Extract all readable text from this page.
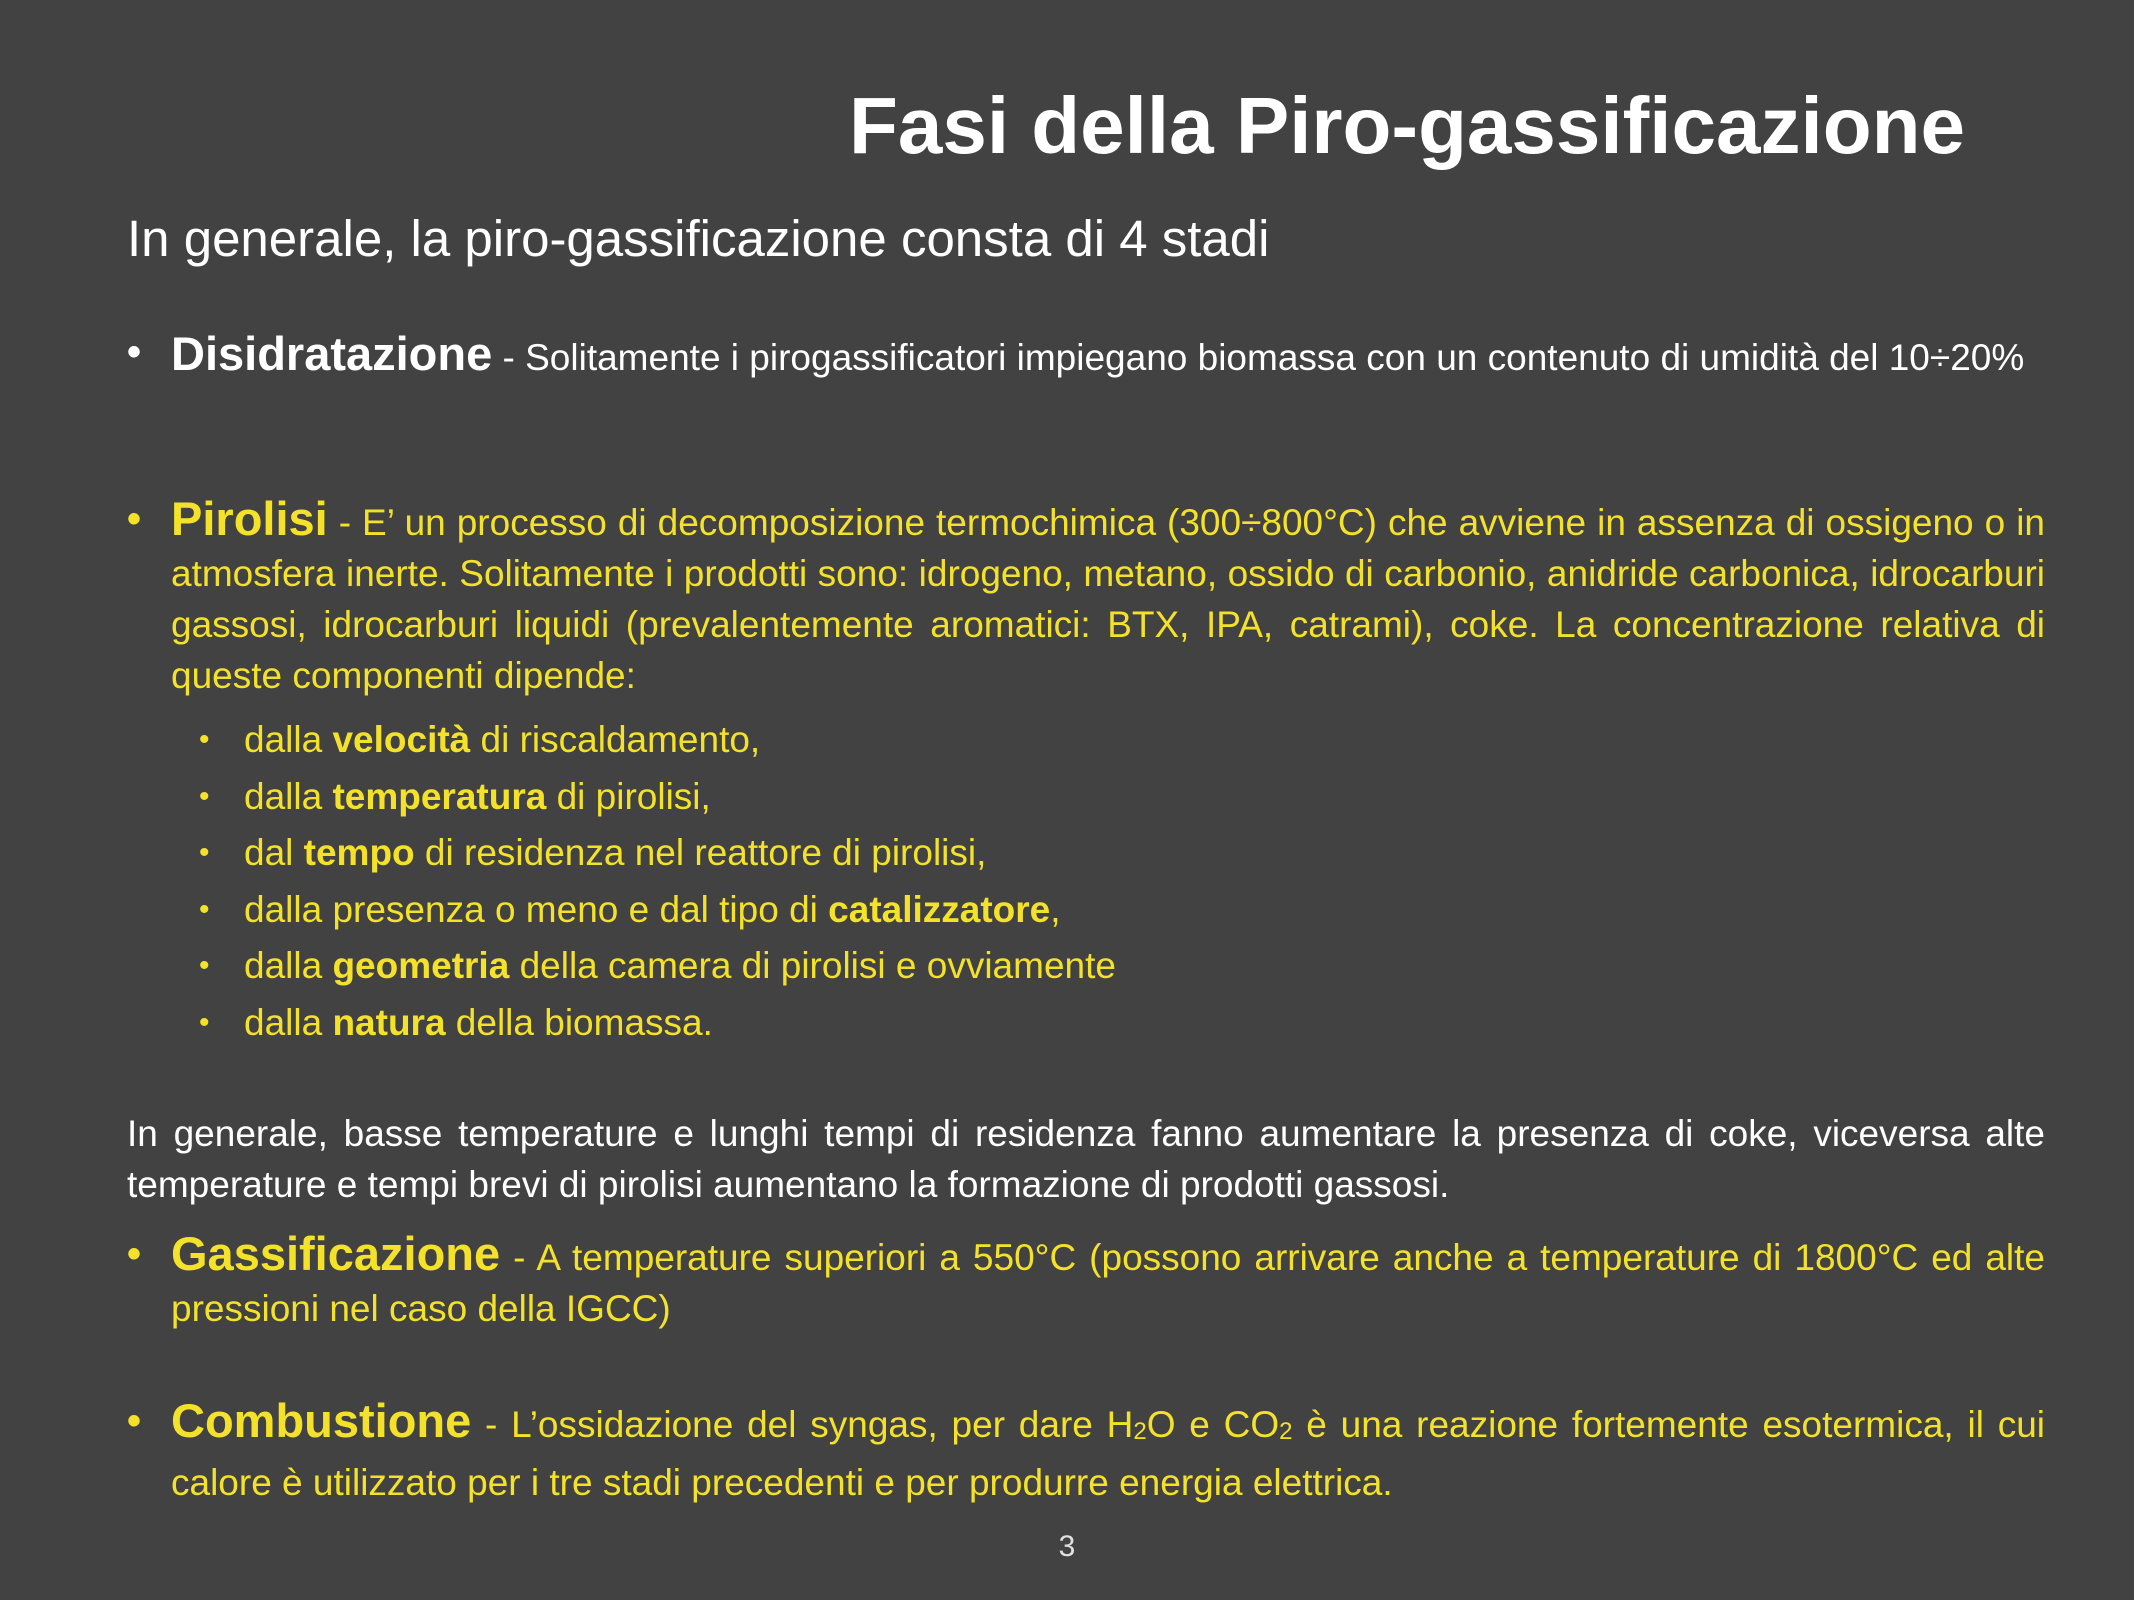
Fasi della Piro-gassificazione

In generale, la piro-gassificazione consta di 4 stadi

• Disidratazione - Solitamente i pirogassificatori impiegano biomassa con un contenuto di umidità del 10÷20%
• Pirolisi - E’ un processo di decomposizione termochimica (300÷800°C) che avviene in assenza di ossigeno o in atmosfera inerte. Solitamente i prodotti sono: idrogeno, metano, ossido di carbonio, anidride carbonica, idrocarburi gassosi, idrocarburi liquidi (prevalentemente aromatici: BTX, IPA, catrami), coke. La concentrazione relativa di queste componenti dipende:
• dalla velocità di riscaldamento,
• dalla temperatura di pirolisi,
• dal tempo di residenza nel reattore di pirolisi,
• dalla presenza o meno e dal tipo di catalizzatore,
• dalla geometria della camera di pirolisi e ovviamente
• dalla natura della biomassa.

In generale, basse temperature e lunghi tempi di residenza fanno aumentare la presenza di coke, viceversa alte temperature e tempi brevi di pirolisi aumentano la formazione di prodotti gassosi.

• Gassificazione - A temperature superiori a 550°C (possono arrivare anche a temperature di 1800°C ed alte pressioni nel caso della IGCC)
• Combustione - L’ossidazione del syngas, per dare $H_2O$ e $CO_2$ è una reazione fortemente esotermica, il cui calore è utilizzato per i tre stadi precedenti e per produrre energia elettrica.
3
